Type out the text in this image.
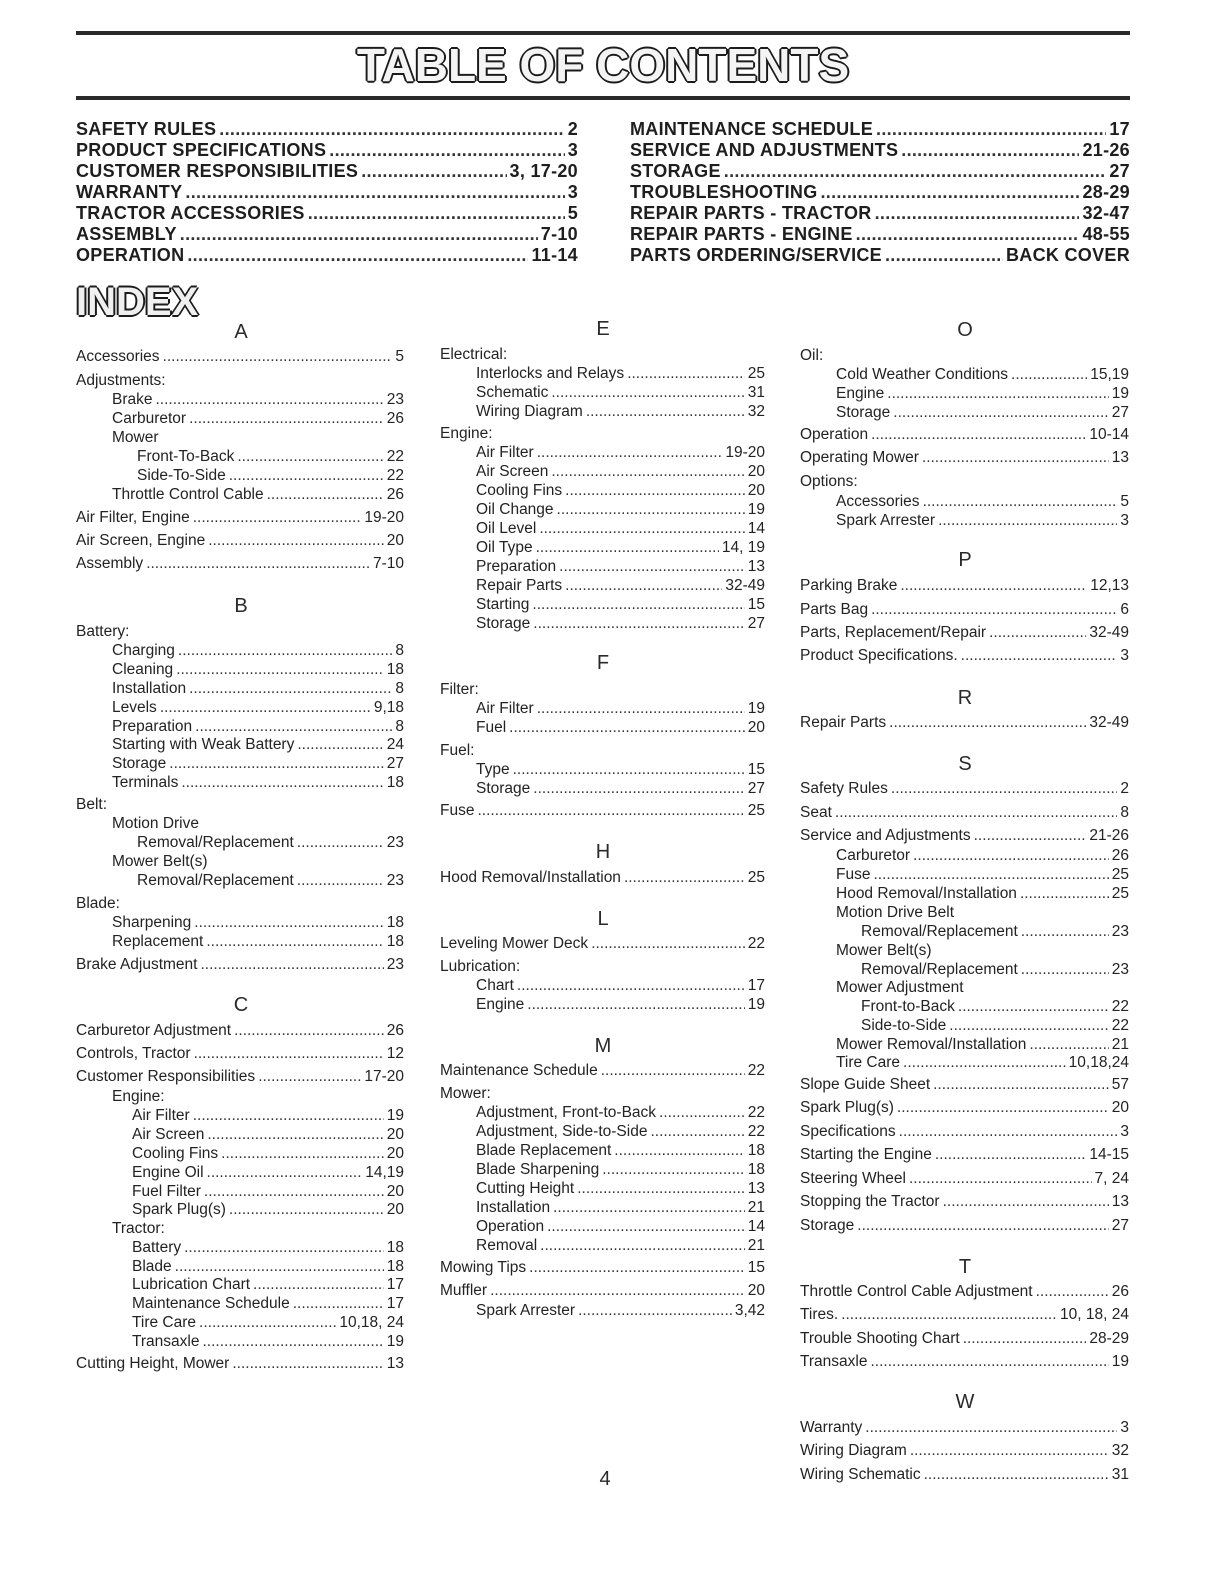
TABLE OF CONTENTS
SAFETY RULES .....	2
PRODUCT SPECIFICATIONS .....	3
CUSTOMER RESPONSIBILITIES .....	3, 17-20
WARRANTY .....	3
TRACTOR ACCESSORIES .....	5
ASSEMBLY .....	7-10
OPERATION .....	11-14
MAINTENANCE SCHEDULE .....	17
SERVICE AND ADJUSTMENTS .....	21-26
STORAGE .....	27
TROUBLESHOOTING .....	28-29
REPAIR PARTS - TRACTOR .....	32-47
REPAIR PARTS - ENGINE .....	48-55
PARTS ORDERING/SERVICE .....	BACK COVER
INDEX
A
Accessories .....	5
Adjustments:
Brake .....	23
Carburetor .....	26
Mower
Front-To-Back .....	22
Side-To-Side .....	22
Throttle Control Cable .....	26
Air Filter, Engine .....	19-20
Air Screen, Engine .....	20
Assembly .....	7-10
B
Battery:
Charging .....	8
Cleaning .....	18
Installation .....	8
Levels .....	9,18
Preparation .....	8
Starting with Weak Battery .....	24
Storage .....	27
Terminals .....	18
Belt:
Motion Drive
Removal/Replacement .....	23
Mower Belt(s)
Removal/Replacement .....	23
Blade:
Sharpening .....	18
Replacement .....	18
Brake Adjustment .....	23
C
Carburetor Adjustment .....	26
Controls, Tractor .....	12
Customer Responsibilities .....	17-20
Engine:
Air Filter .....	19
Air Screen .....	20
Cooling Fins .....	20
Engine Oil .....	14,19
Fuel Filter .....	20
Spark Plug(s) .....	20
Tractor:
Battery .....	18
Blade .....	18
Lubrication Chart .....	17
Maintenance Schedule .....	17
Tire Care .....	10,18, 24
Transaxle .....	19
Cutting Height, Mower .....	13
E
Electrical:
Interlocks and Relays .....	25
Schematic .....	31
Wiring Diagram .....	32
Engine:
Air Filter .....	19-20
Air Screen .....	20
Cooling Fins .....	20
Oil Change .....	19
Oil Level .....	14
Oil Type .....	14, 19
Preparation .....	13
Repair Parts .....	32-49
Starting .....	15
Storage .....	27
F
Filter:
Air Filter .....	19
Fuel .....	20
Fuel:
Type .....	15
Storage .....	27
Fuse .....	25
H
Hood Removal/Installation .....	25
L
Leveling Mower Deck .....	22
Lubrication:
Chart .....	17
Engine .....	19
M
Maintenance Schedule .....	22
Mower:
Adjustment, Front-to-Back .....	22
Adjustment, Side-to-Side .....	22
Blade Replacement .....	18
Blade Sharpening .....	18
Cutting Height .....	13
Installation .....	21
Operation .....	14
Removal .....	21
Mowing Tips .....	15
Muffler .....	20
Spark Arrester .....	3,42
O
Oil:
Cold Weather Conditions .....	15,19
Engine .....	19
Storage .....	27
Operation .....	10-14
Operating Mower .....	13
Options:
Accessories .....	5
Spark Arrester .....	3
P
Parking Brake .....	12,13
Parts Bag .....	6
Parts, Replacement/Repair .....	32-49
Product Specifications. .....	3
R
Repair Parts .....	32-49
S
Safety Rules .....	2
Seat .....	8
Service and Adjustments .....	21-26
Carburetor .....	26
Fuse .....	25
Hood Removal/Installation .....	25
Motion Drive Belt
Removal/Replacement .....	23
Mower Belt(s)
Removal/Replacement .....	23
Mower Adjustment
Front-to-Back .....	22
Side-to-Side .....	22
Mower Removal/Installation .....	21
Tire Care .....	10,18,24
Slope Guide Sheet .....	57
Spark Plug(s) .....	20
Specifications .....	3
Starting the Engine .....	14-15
Steering Wheel .....	7, 24
Stopping the Tractor .....	13
Storage .....	27
T
Throttle Control Cable Adjustment .....	26
Tires. .....	10, 18, 24
Trouble Shooting Chart .....	28-29
Transaxle .....	19
W
Warranty .....	3
Wiring Diagram .....	32
Wiring Schematic .....	31
4
